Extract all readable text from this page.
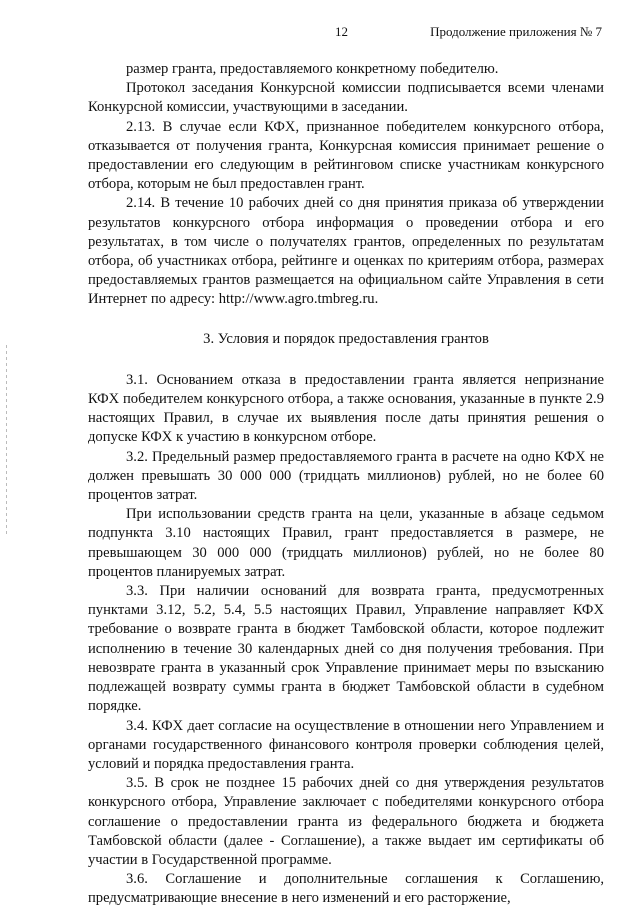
12	Продолжение приложения № 7

размер гранта, предоставляемого конкретному победителю.

Протокол заседания Конкурсной комиссии подписывается всеми членами Конкурсной комиссии, участвующими в заседании.

2.13. В случае если КФХ, признанное победителем конкурсного отбора, отказывается от получения гранта, Конкурсная комиссия принимает решение о предоставлении его следующим в рейтинговом списке участникам конкурсного отбора, которым не был предоставлен грант.

2.14. В течение 10 рабочих дней со дня принятия приказа об утверждении результатов конкурсного отбора информация о проведении отбора и его результатах, в том числе о получателях грантов, определенных по результатам отбора, об участниках отбора, рейтинге и оценках по критериям отбора, размерах предоставляемых грантов размещается на официальном сайте Управления в сети Интернет по адресу: http://www.agro.tmbreg.ru.

3. Условия и порядок предоставления грантов

3.1. Основанием отказа в предоставлении гранта является непризнание КФХ победителем конкурсного отбора, а также основания, указанные в пункте 2.9 настоящих Правил, в случае их выявления после даты принятия решения о допуске КФХ к участию в конкурсном отборе.

3.2. Предельный размер предоставляемого гранта в расчете на одно КФХ не должен превышать 30 000 000 (тридцать миллионов) рублей, но не более 60 процентов затрат.

При использовании средств гранта на цели, указанные в абзаце седьмом подпункта 3.10 настоящих Правил, грант предоставляется в размере, не превышающем 30 000 000 (тридцать миллионов) рублей, но не более 80 процентов планируемых затрат.

3.3. При наличии оснований для возврата гранта, предусмотренных пунктами 3.12, 5.2, 5.4, 5.5 настоящих Правил, Управление направляет КФХ требование о возврате гранта в бюджет Тамбовской области, которое подлежит исполнению в течение 30 календарных дней со дня получения требования. При невозврате гранта в указанный срок Управление принимает меры по взысканию подлежащей возврату суммы гранта в бюджет Тамбовской области в судебном порядке.

3.4. КФХ дает согласие на осуществление в отношении него Управлением и органами государственного финансового контроля проверки соблюдения целей, условий и порядка предоставления гранта.

3.5. В срок не позднее 15 рабочих дней со дня утверждения результатов конкурсного отбора, Управление заключает с победителями конкурсного отбора соглашение о предоставлении гранта из федерального бюджета и бюджета Тамбовской области (далее - Соглашение), а также выдает им сертификаты об участии в Государственной программе.

3.6. Соглашение и дополнительные соглашения к Соглашению, предусматривающие внесение в него изменений и его расторжение,
